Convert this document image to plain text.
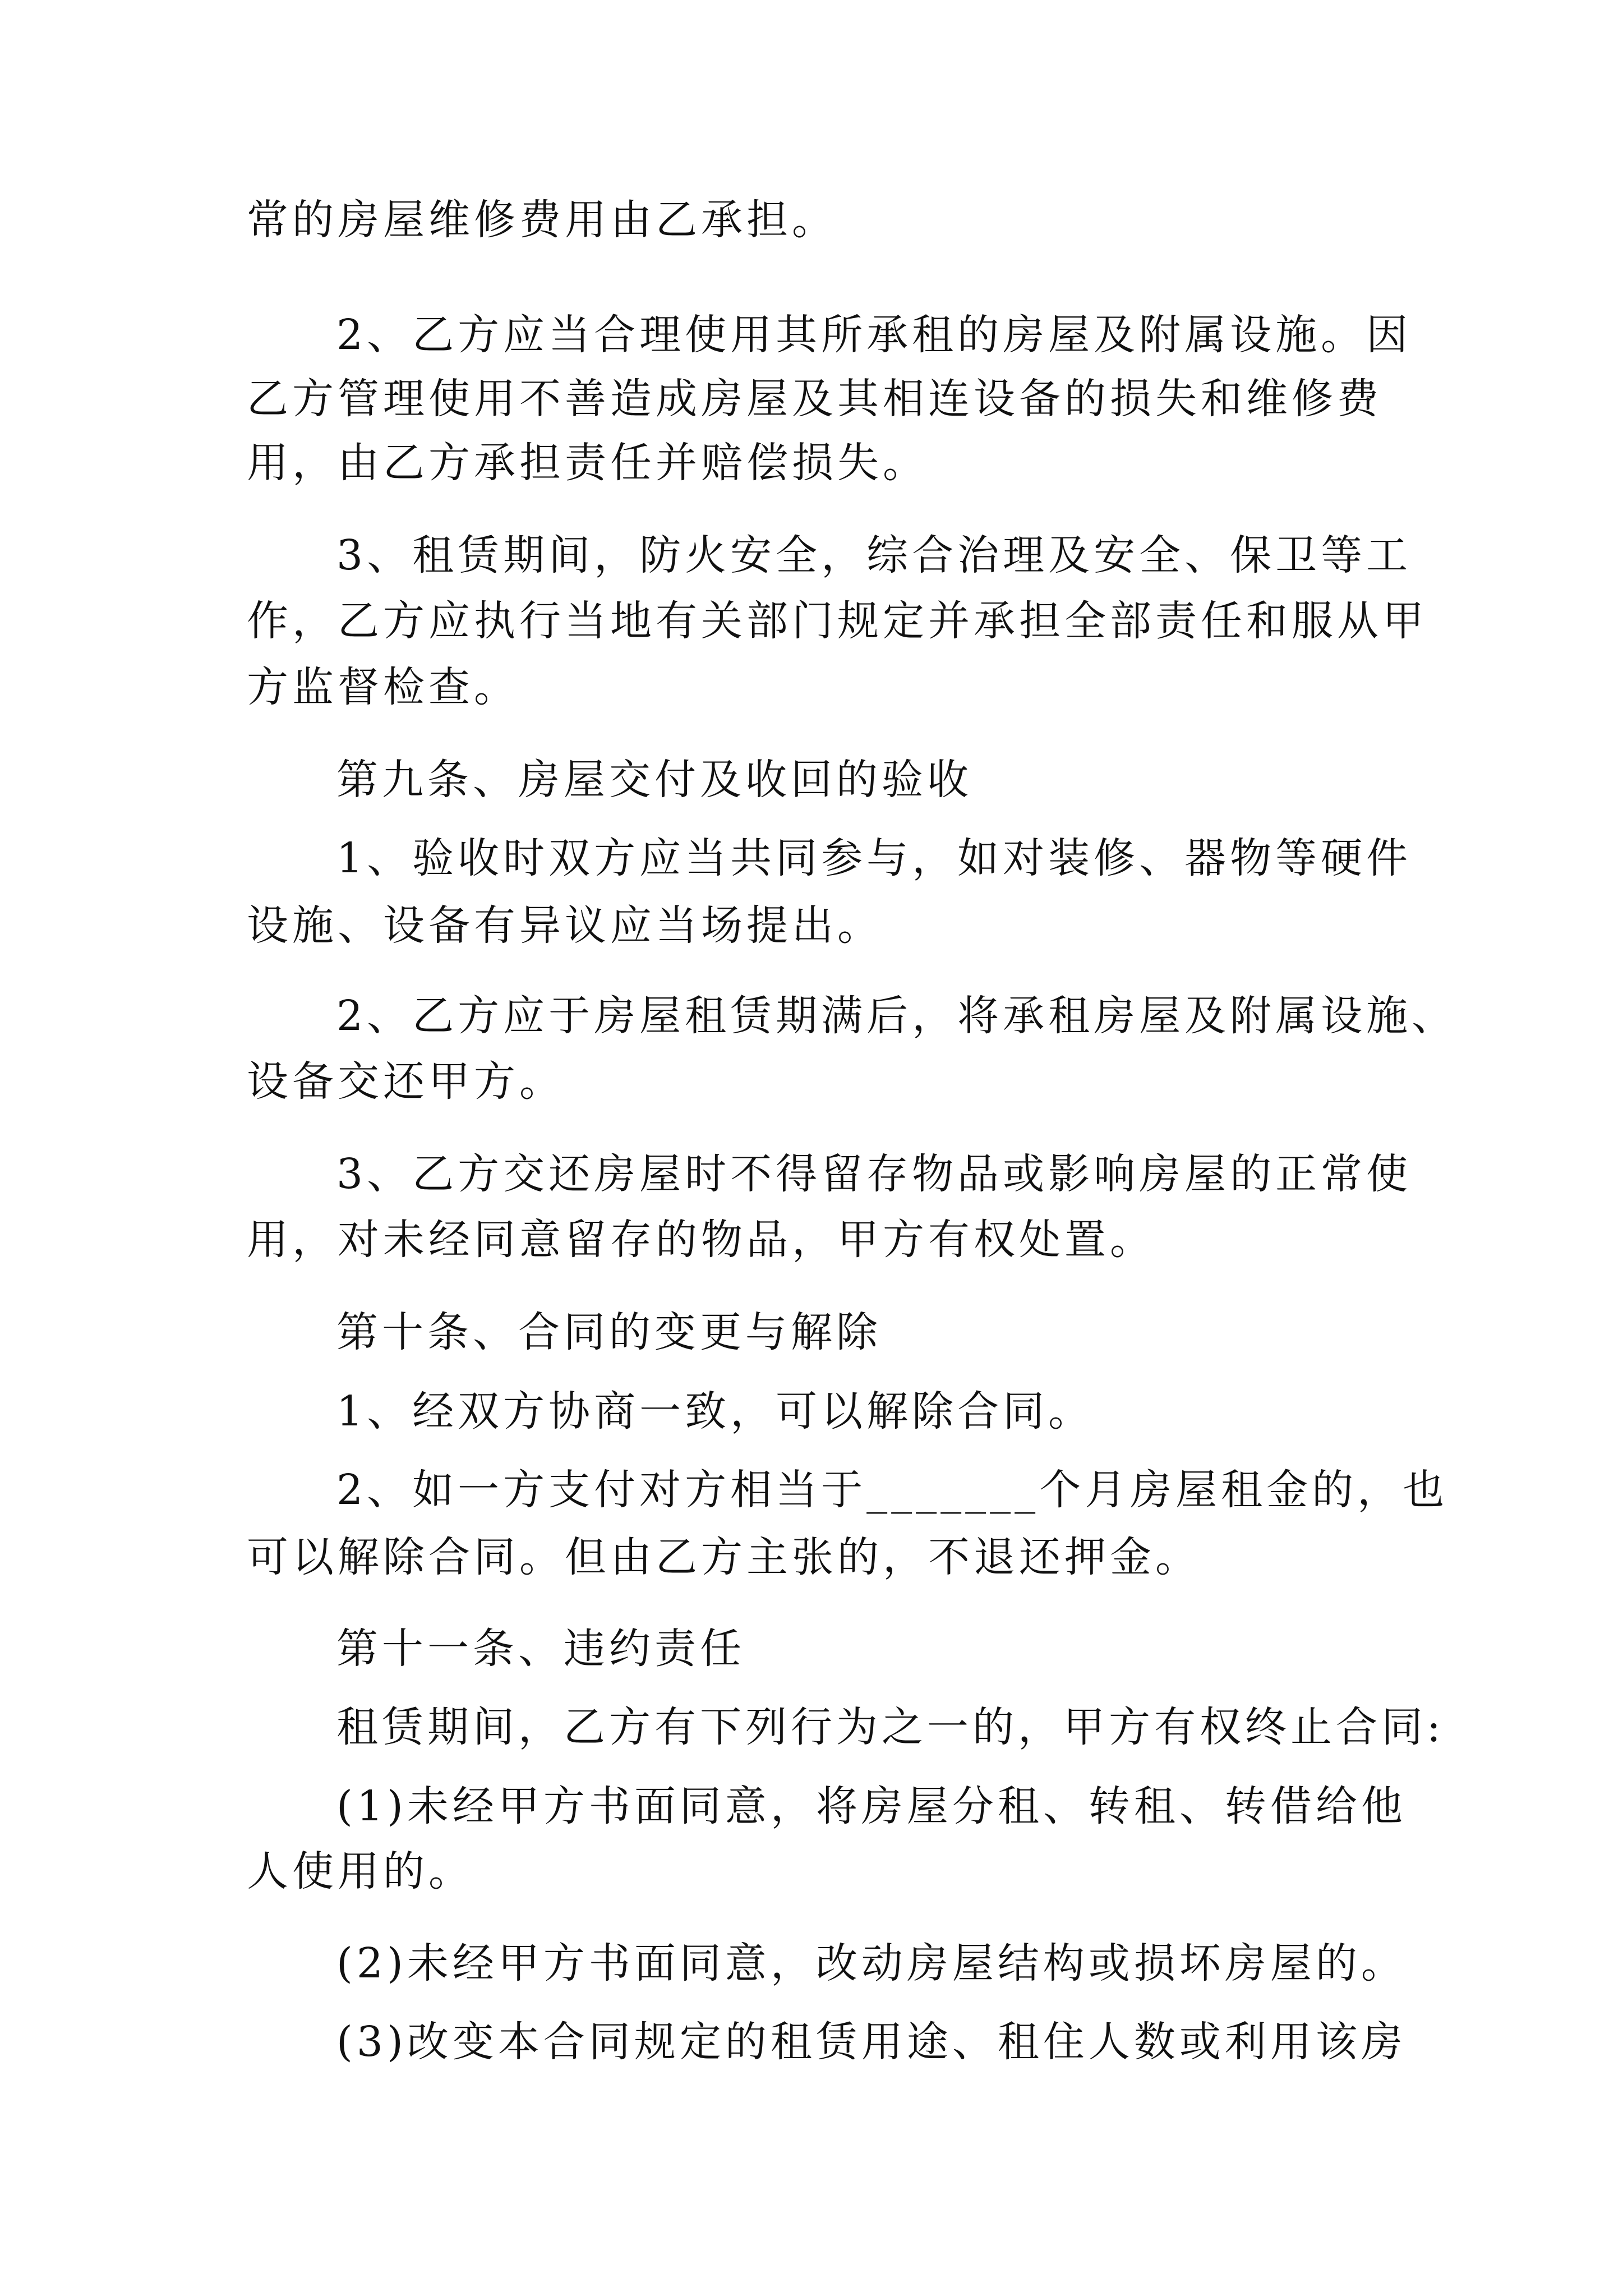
常的房屋维修费用由乙承担。
2、乙方应当合理使用其所承租的房屋及附属设施。因
乙方管理使用不善造成房屋及其相连设备的损失和维修费
用，由乙方承担责任并赔偿损失。
3、租赁期间，防火安全，综合治理及安全、保卫等工
作，乙方应执行当地有关部门规定并承担全部责任和服从甲
方监督检查。
第九条、房屋交付及收回的验收
1、验收时双方应当共同参与，如对装修、器物等硬件
设施、设备有异议应当场提出。
2、乙方应于房屋租赁期满后，将承租房屋及附属设施、
设备交还甲方。
3、乙方交还房屋时不得留存物品或影响房屋的正常使
用，对未经同意留存的物品，甲方有权处置。
第十条、合同的变更与解除
1、经双方协商一致，可以解除合同。
2、如一方支付对方相当于_______个月房屋租金的，也
可以解除合同。但由乙方主张的，不退还押金。
第十一条、违约责任
租赁期间，乙方有下列行为之一的，甲方有权终止合同:
(1)未经甲方书面同意，将房屋分租、转租、转借给他
人使用的。
(2)未经甲方书面同意，改动房屋结构或损坏房屋的。
(3)改变本合同规定的租赁用途、租住人数或利用该房
